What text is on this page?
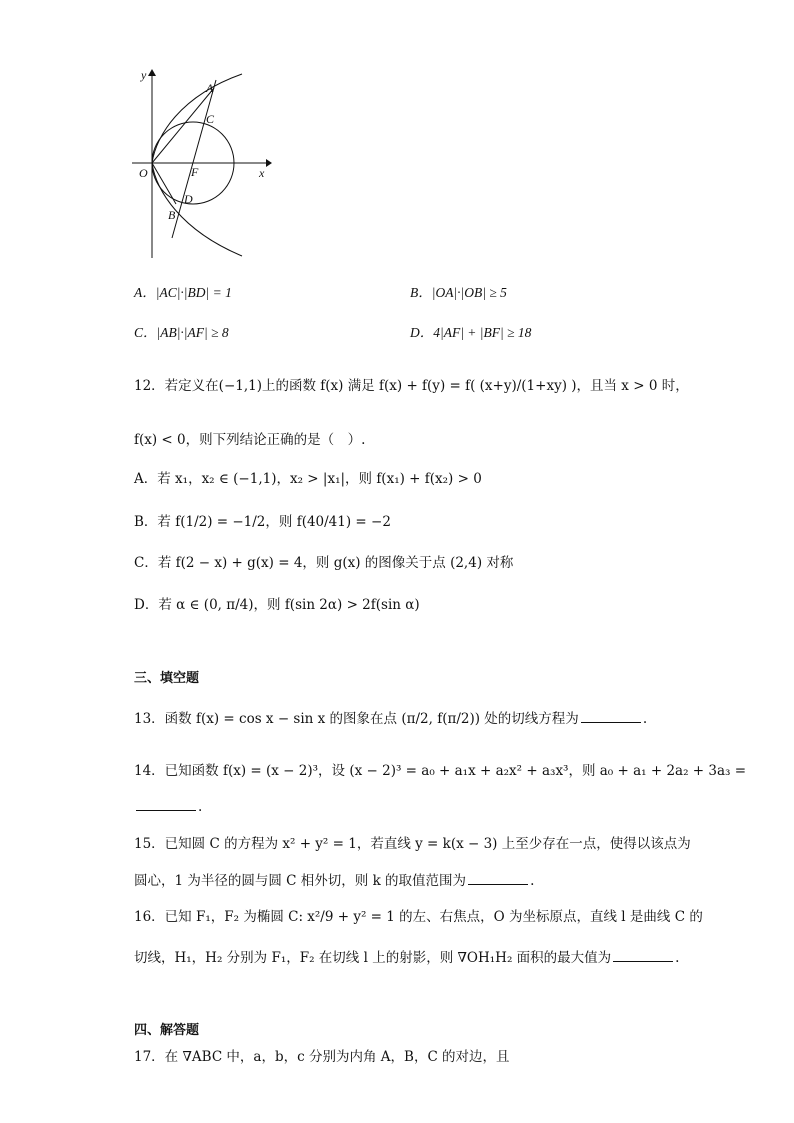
y
x
O
A
C
F
D
B
A．|AC|·|BD| = 1	B．|OA|·|OB| ≥ 5
C．|AB|·|AF| ≥ 8	D．4|AF| + |BF| ≥ 18
12．若定义在(−1,1)上的函数 f(x) 满足 f(x) + f(y) = f( (x+y)/(1+xy) )，且当 x > 0 时，
f(x) < 0，则下列结论正确的是（　）.
A．若 x₁，x₂ ∈ (−1,1)，x₂ > |x₁|，则 f(x₁) + f(x₂) > 0
B．若 f(1/2) = −1/2，则 f(40/41) = −2
C．若 f(2 − x) + g(x) = 4，则 g(x) 的图像关于点 (2,4) 对称
D．若 α ∈ (0, π/4)，则 f(sin 2α) > 2f(sin α)
三、填空题
13．函数 f(x) = cos x − sin x 的图象在点 (π/2, f(π/2)) 处的切线方程为	.
14．已知函数 f(x) = (x − 2)³，设 (x − 2)³ = a₀ + a₁x + a₂x² + a₃x³，则 a₀ + a₁ + 2a₂ + 3a₃ =
.
15．已知圆 C 的方程为 x² + y² = 1，若直线 y = k(x − 3) 上至少存在一点，使得以该点为
圆心，1 为半径的圆与圆 C 相外切，则 k 的取值范围为	.
16．已知 F₁，F₂ 为椭圆 C: x²/9 + y² = 1 的左、右焦点，O 为坐标原点，直线 l 是曲线 C 的
切线，H₁，H₂ 分别为 F₁，F₂ 在切线 l 上的射影，则 ∇OH₁H₂ 面积的最大值为	.
四、解答题
17．在 ∇ABC 中，a，b，c 分别为内角 A，B，C 的对边，且
